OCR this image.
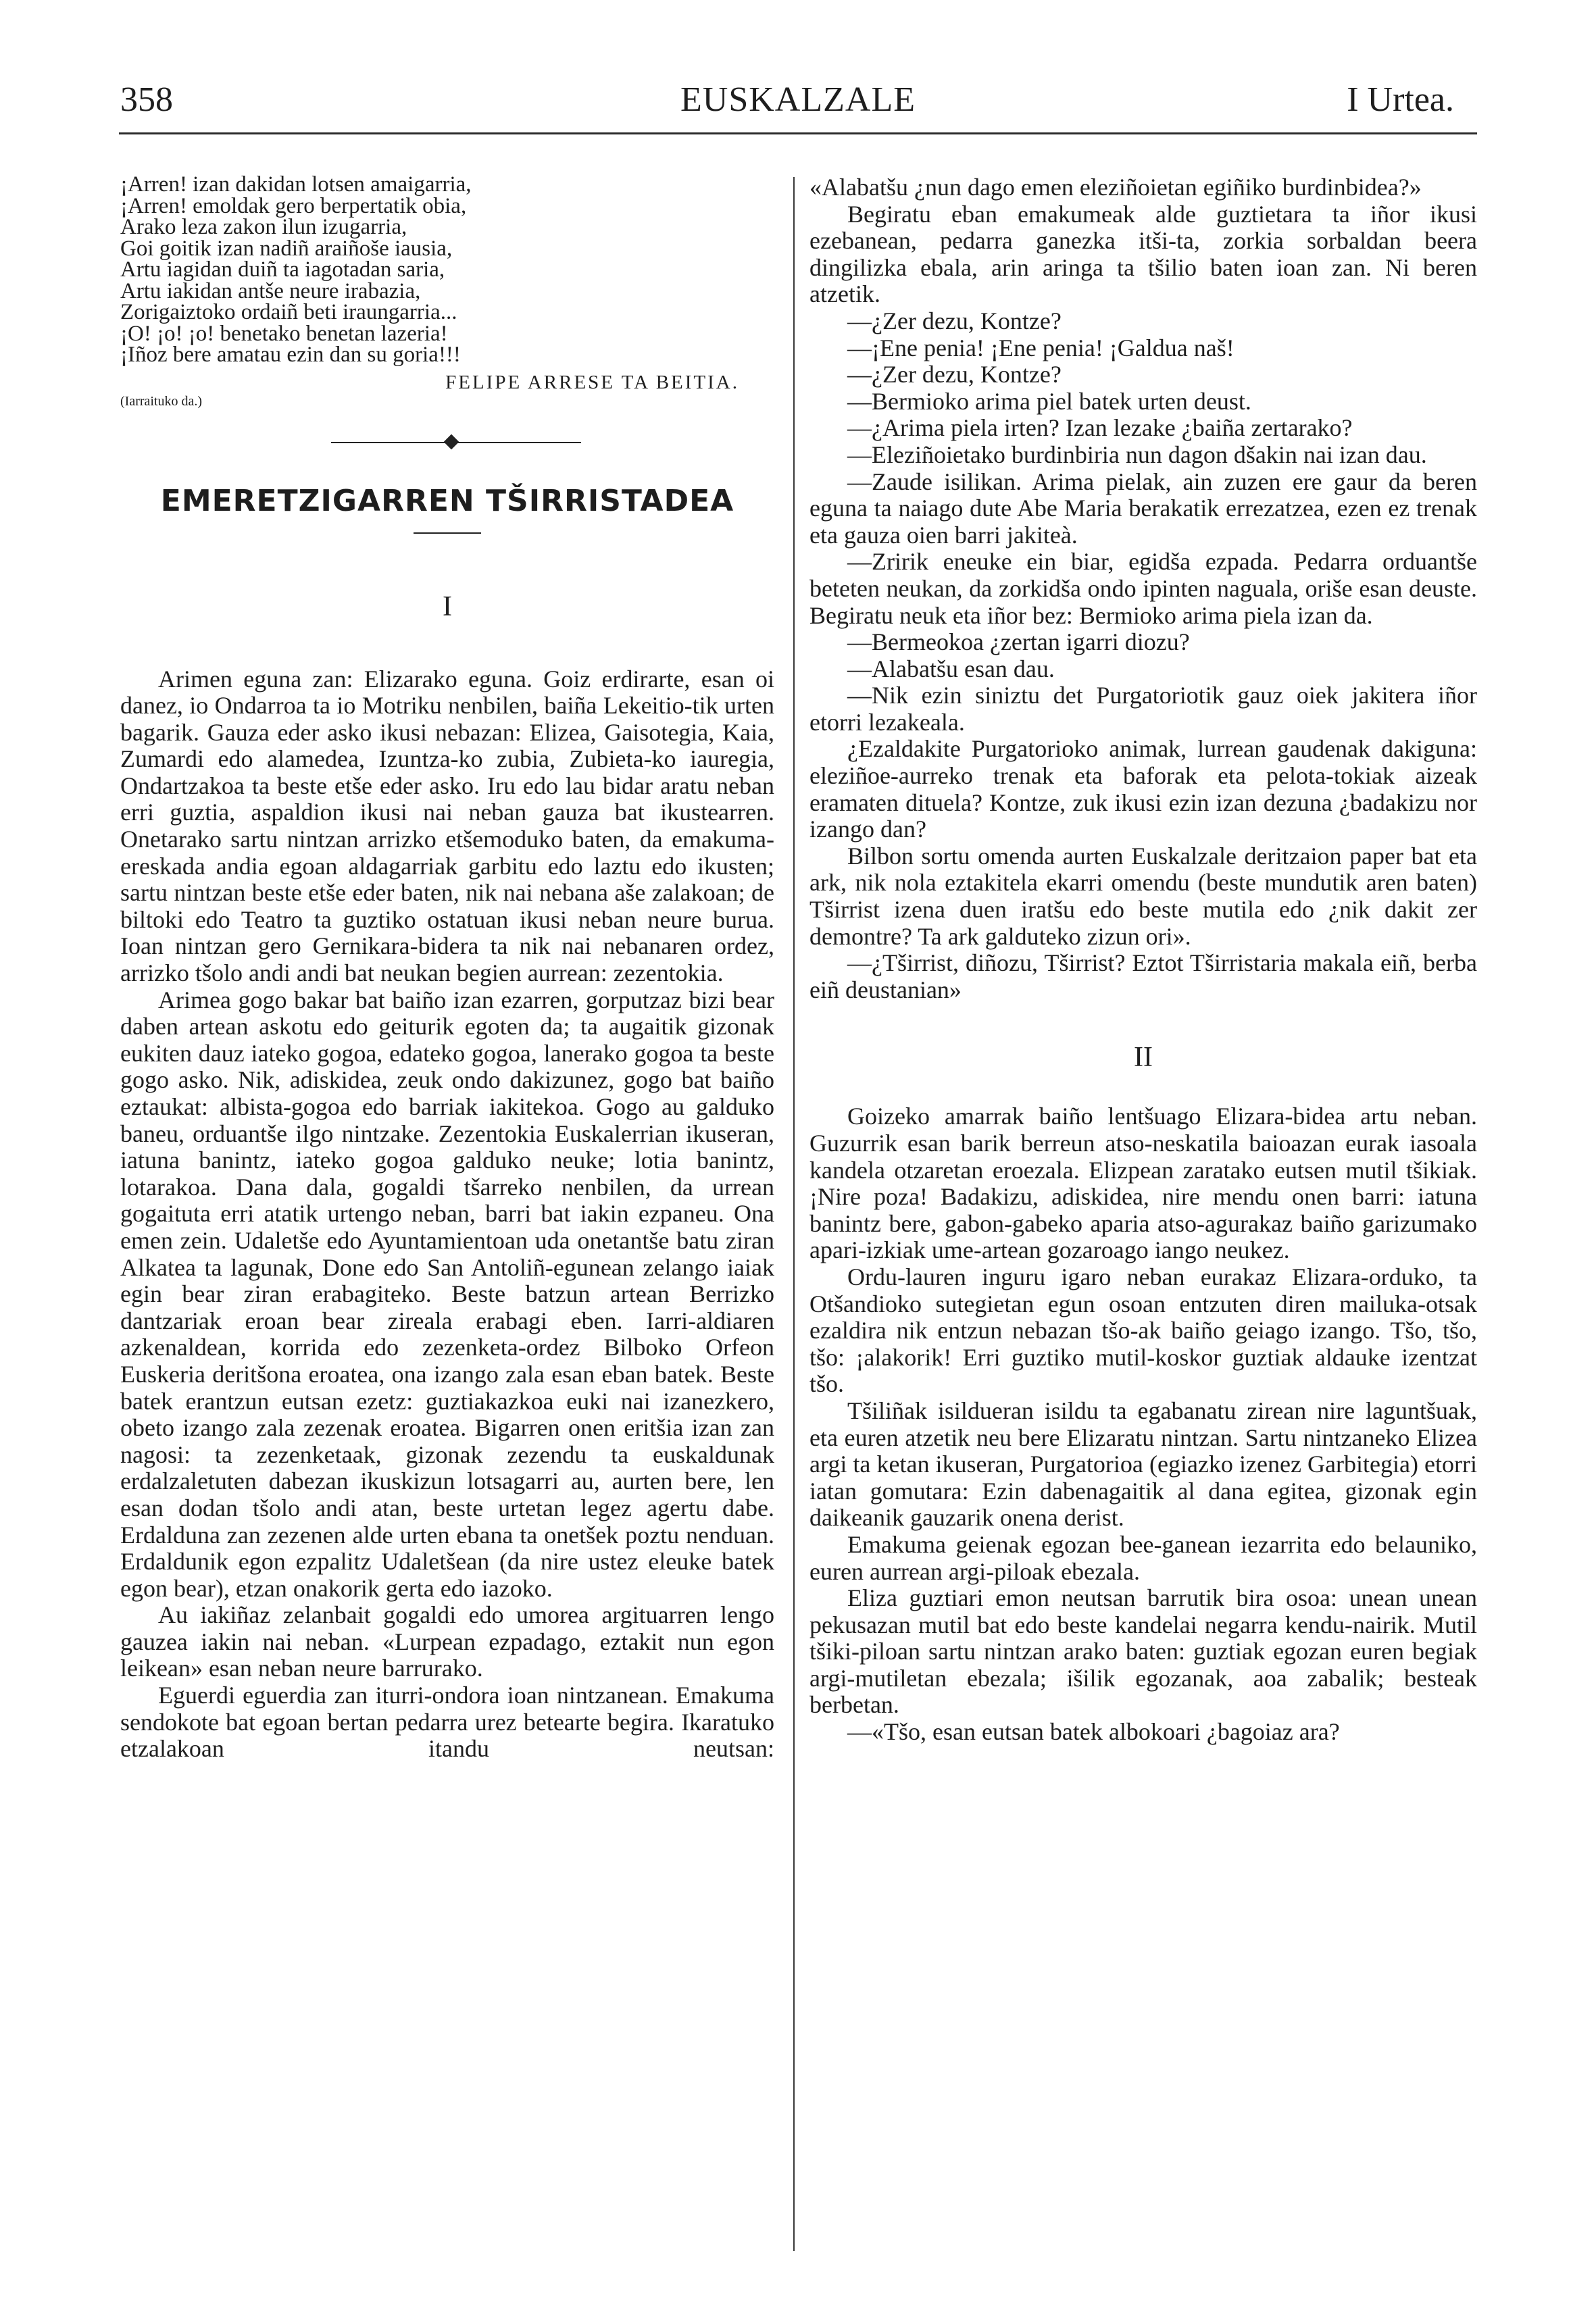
358	EUSKALZALE	I Urtea.
¡Arren! izan dakidan lotsen amaigarria,
¡Arren! emoldak gero berpertatik obia,
Arako leza zakon ilun izugarria,
Goi goitik izan nadiñ araiñoše iausia,
Artu iagidan duiñ ta iagotadan saria,
Artu iakidan antše neure irabazia,
Zorigaiztoko ordaiñ beti iraungarria...
¡O! ¡o! ¡o! benetako benetan lazeria!
¡Iñoz bere amatau ezin dan su goria!!!
FELIPE ARRESE TA BEITIA.
(Iarraituko da.)
EMERETZIGARREN TŠIRRISTADEA
I

Arimen eguna zan: Elizarako eguna. Goiz erdirarte, esan oi danez, io Ondarroa ta io Motriku nenbilen, baiña Lekeitio-tik urten bagarik. Gauza eder asko ikusi nebazan: Elizea, Gaisotegia, Kaia, Zumardi edo alamedea, Izuntza-ko zubia, Zubieta-ko iauregia, Ondartzakoa ta beste etše eder asko. Iru edo lau bidar aratu neban erri guztia, aspaldion ikusi nai neban gauza bat ikustearren. Onetarako sartu nintzan arrizko etšemoduko baten, da emakuma-ereskada andia egoan aldagarriak garbitu edo laztu edo ikusten; sartu nintzan beste etše eder baten, nik nai nebana aše zalakoan; de biltoki edo Teatro ta guztiko ostatuan ikusi neban neure burua. Ioan nintzan gero Gernikara-bidera ta nik nai nebanaren ordez, arrizko tšolo andi andi bat neukan begien aurrean: zezentokia.

Arimea gogo bakar bat baiño izan ezarren, gorputzaz bizi bear daben artean askotu edo geiturik egoten da; ta augaitik gizonak eukiten dauz iateko gogoa, edateko gogoa, lanerako gogoa ta beste gogo asko. Nik, adiskidea, zeuk ondo dakizunez, gogo bat baiño eztaukat: albista-gogoa edo barriak iakitekoa. Gogo au galduko baneu, orduantše ilgo nintzake. Zezentokia Euskalerrian ikuseran, iatuna banintz, iateko gogoa galduko neuke; lotia banintz, lotarakoa. Dana dala, gogaldi tšarreko nenbilen, da urrean gogaituta erri atatik urtengo neban, barri bat iakin ezpaneu. Ona emen zein. Udaletše edo Ayuntamientoan uda onetantše batu ziran Alkatea ta lagunak, Done edo San Antoliñ-egunean zelango iaiak egin bear ziran erabagiteko. Beste batzun artean Berrizko dantzariak eroan bear zireala erabagi eben. Iarri-aldiaren azkenaldean, korrida edo zezenketa-ordez Bilboko Orfeon Euskeria deritšona eroatea, ona izango zala esan eban batek. Beste batek erantzun eutsan ezetz: guztiakazkoa euki nai izanezkero, obeto izango zala zezenak eroatea. Bigarren onen eritšia izan zan nagosi: ta zezenketaak, gizonak zezendu ta euskaldunak erdalzaletuten dabezan ikuskizun lotsagarri au, aurten bere, len esan dodan tšolo andi atan, beste urtetan legez agertu dabe. Erdalduna zan zezenen alde urten ebana ta onetšek poztu nenduan. Erdaldunik egon ezpalitz Udaletšean (da nire ustez eleuke batek egon bear), etzan onakorik gerta edo iazoko.

Au iakiñaz zelanbait gogaldi edo umorea argituarren lengo gauzea iakin nai neban. «Lurpean ezpadago, eztakit nun egon leikean» esan neban neure barrurako.

Eguerdi eguerdia zan iturri-ondora ioan nintzanean. Emakuma sendokote bat egoan bertan pedarra urez betearte begira. Ikaratuko etzalakoan itandu neutsan:

«Alabatšu ¿nun dago emen eleziñoietan egiñiko burdinbidea?»

Begiratu eban emakumeak alde guztietara ta iñor ikusi ezebanean, pedarra ganezka itši-ta, zorkia sorbaldan beera dingilizka ebala, arin aringa ta tšilio baten ioan zan. Ni beren atzetik.

—¿Zer dezu, Kontze?

—¡Ene penia! ¡Ene penia! ¡Galdua naš!

—¿Zer dezu, Kontze?

—Bermioko arima piel batek urten deust.

—¿Arima piela irten? Izan lezake ¿baiña zertarako?

—Eleziñoietako burdinbiria nun dagon dšakin nai izan dau.

—Zaude isilikan. Arima pielak, ain zuzen ere gaur da beren eguna ta naiago dute Abe Maria berakatik errezatzea, ezen ez trenak eta gauza oien barri jakiteà.

—Zririk eneuke ein biar, egidša ezpada. Pedarra orduantše beteten neukan, da zorkidša ondo ipinten naguala, oriše esan deuste. Begiratu neuk eta iñor bez: Bermioko arima piela izan da.

—Bermeokoa ¿zertan igarri diozu?

—Alabatšu esan dau.

—Nik ezin siniztu det Purgatoriotik gauz oiek jakitera iñor etorri lezakeala.

¿Ezaldakite Purgatorioko animak, lurrean gaudenak dakiguna: eleziñoe-aurreko trenak eta baforak eta pelota-tokiak aizeak eramaten dituela? Kontze, zuk ikusi ezin izan dezuna ¿badakizu nor izango dan?

Bilbon sortu omenda aurten Euskalzale deritzaion paper bat eta ark, nik nola eztakitela ekarri omendu (beste mundutik aren baten) Tširrist izena duen iratšu edo beste mutila edo ¿nik dakit zer demontre? Ta ark galduteko zizun ori».

—¿Tširrist, diñozu, Tširrist? Eztot Tširristaria makala eiñ, berba eiñ deustanian»

II

Goizeko amarrak baiño lentšuago Elizara-bidea artu neban. Guzurrik esan barik berreun atso-neskatila baioazan eurak iasoala kandela otzaretan eroezala. Elizpean zaratako eutsen mutil tšikiak. ¡Nire poza! Badakizu, adiskidea, nire mendu onen barri: iatuna banintz bere, gabon-gabeko aparia atso-agurakaz baiño garizumako apari-izkiak ume-artean gozaroago iango neukez.

Ordu-lauren inguru igaro neban eurakaz Elizara-orduko, ta Otšandioko sutegietan egun osoan entzuten diren mailuka-otsak ezaldira nik entzun nebazan tšo-ak baiño geiago izango. Tšo, tšo, tšo: ¡alakorik! Erri guztiko mutil-koskor guztiak aldauke izentzat tšo.

Tšiliñak isildueran isildu ta egabanatu zirean nire laguntšuak, eta euren atzetik neu bere Elizaratu nintzan. Sartu nintzaneko Elizea argi ta ketan ikuseran, Purgatorioa (egiazko izenez Garbitegia) etorri iatan gomutara: Ezin dabenagaitik al dana egitea, gizonak egin daikeanik gauzarik onena derist.

Emakuma geienak egozan bee-ganean iezarrita edo belauniko, euren aurrean argi-piloak ebezala.

Eliza guztiari emon neutsan barrutik bira osoa: unean unean pekusazan mutil bat edo beste kandelai negarra kendu-nairik. Mutil tšiki-piloan sartu nintzan arako baten: guztiak egozan euren begiak argi-mutiletan ebezala; išilik egozanak, aoa zabalik; besteak berbetan.

—«Tšo, esan eutsan batek albokoari ¿bagoiaz ara?
